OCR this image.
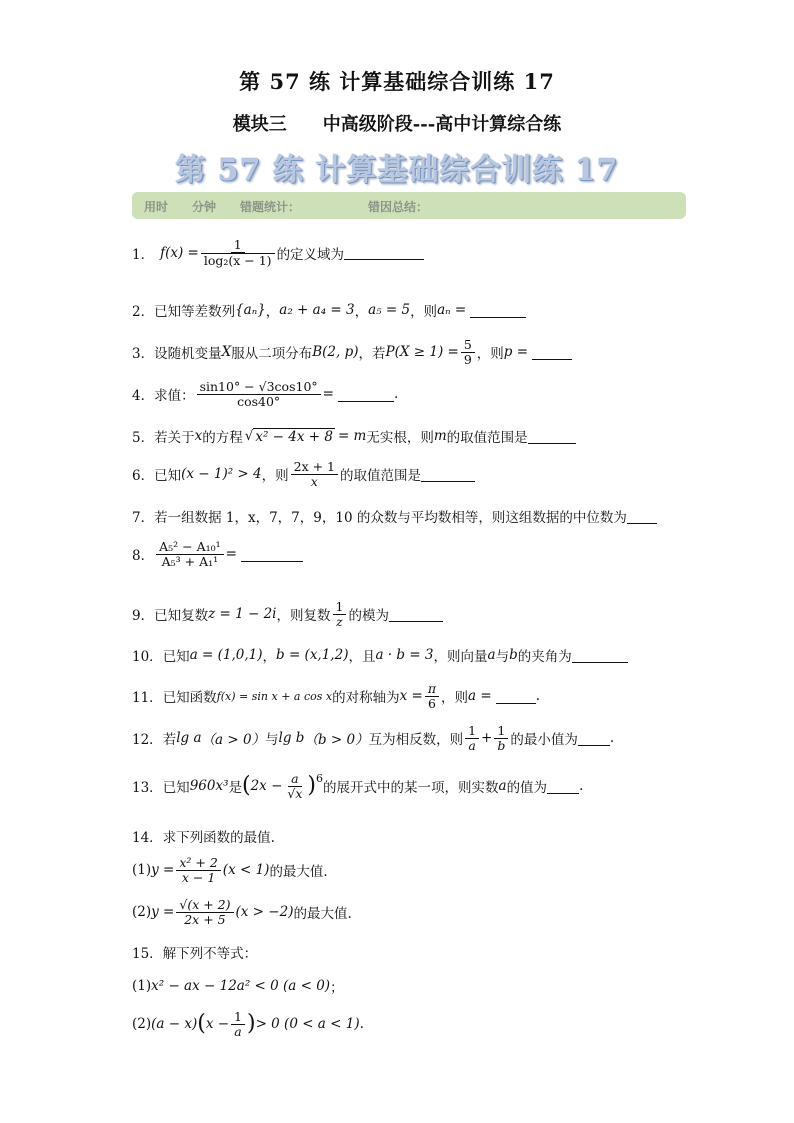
第 57 练 计算基础综合训练 17
模块三　　中高级阶段---高中计算综合练
第 57 练 计算基础综合训练 17
用时 分钟 错题统计：	错因总结：
1． $f(x) = \frac{1}{\text{log₂(x − 1)}}$ 的定义域为
2． 已知等差数列 {aₙ} ， a₂ + a₄ = 3 ， a₅ = 5 ，则 aₙ =
3． 设随机变量 X 服从二项分布 B(2, p) ，若 $P(X \ge 1) = \frac{5}{9}$ ，则 p =
4． 求值： $\frac{\sin 10^\circ - √3\cos 10^\circ}{\cos 40^\circ}$ =	.
5． 若关于 x 的方程 √ x² − 4x + 8 = m 无实根，则 m 的取值范围是
6． 已知 (x − 1)² > 4 ，则 $\frac{2x + 1}{x}$ 的取值范围是
7． 若一组数据 1，x，7，7，9，10 的众数与平均数相等，则这组数据的中位数为
8． $\frac{\text{A₅² − A₁₀¹}}{\text{A₅³ + A₁¹}}$ =
9． 已知复数 z = 1 − 2i ，则复数 $\frac{1}{z}$ 的模为
10． 已知 a = (1,0,1) ， b = (x,1,2) ，且 a · b = 3 ，则向量 a 与 b 的夹角为
11． 已知函数 f(x) = sin x + a cos x 的对称轴为 $x = \frac{\pi}{6}$ ，则 a =	.
12． 若 lg a （a > 0） 与 lg b （b > 0） 互为相反数，则 $\frac{1}{a} + \frac{1}{b}$ 的最小值为 .
13． 已知 960x³ 是 ( $2x - \frac{a}{√x} )^6$
的展开式中的某一项，则实数 a 的值为 .
14． 求下列函数的最值.
(1) $y = \frac{\text{x² + 2}}{x - 1} (x < 1)$ 的最大值.
(2) $y = \frac{√(x + 2)}{2x + 5} (x > -2)$ 的最大值.
15． 解下列不等式：
(1) x² − ax − 12a² < 0 (a < 0) ；
(2) (a − x) ( $x - \frac{1}{a}$ ) > 0 (0 < a < 1) .
